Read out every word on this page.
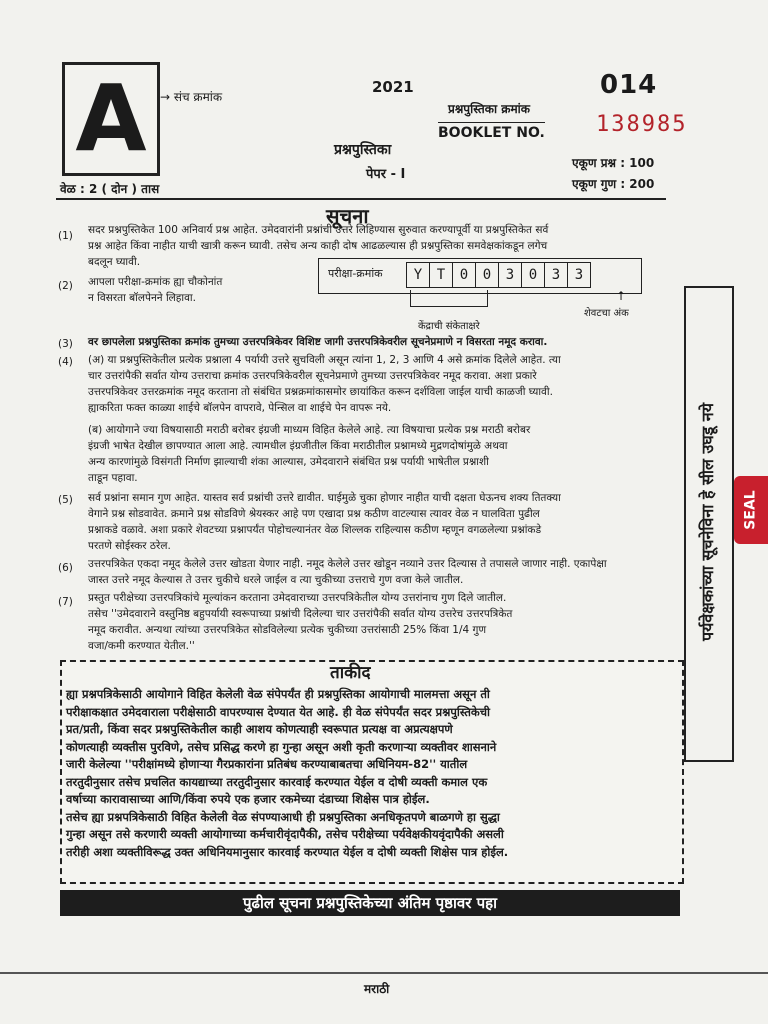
A → संच क्रमांक
2021
प्रश्नपुस्तिका
पेपर - I
वेळ : 2 ( दोन ) तास
014
प्रश्नपुस्तिका क्रमांक
BOOKLET NO. 138985
एकूण प्रश्न : 100
एकूण गुण : 200
सूचना
(1) सदर प्रश्नपुस्तिकेत 100 अनिवार्य प्रश्न आहेत. उमेदवारांनी प्रश्नांची उत्तरे लिहिण्यास सुरुवात करण्यापूर्वी या प्रश्नपुस्तिकेत सर्व
प्रश्न आहेत किंवा नाहीत याची खात्री करून घ्यावी. तसेच अन्य काही दोष आढळल्यास ही प्रश्नपुस्तिका समवेक्षकांकडून लगेच
बदलून घ्यावी.
(2) आपला परीक्षा-क्रमांक ह्या चौकोनांत
न विसरता बॉलपेनने लिहावा.
परीक्षा-क्रमांक	Y	T	0	0	3	0	3	3
केंद्राची संकेताक्षरे
↑
शेवटचा अंक
(3) वर छापलेला प्रश्नपुस्तिका क्रमांक तुमच्या उत्तरपत्रिकेवर विशिष्ट जागी उत्तरपत्रिकेवरील सूचनेप्रमाणे न विसरता नमूद करावा.
(4) (अ) या प्रश्नपुस्तिकेतील प्रत्येक प्रश्नाला 4 पर्यायी उत्तरे सुचविली असून त्यांना 1, 2, 3 आणि 4 असे क्रमांक दिलेले आहेत. त्या
चार उत्तरांपैकी सर्वात योग्य उत्तराचा क्रमांक उत्तरपत्रिकेवरील सूचनेप्रमाणे तुमच्या उत्तरपत्रिकेवर नमूद करावा. अशा प्रकारे
उत्तरपत्रिकेवर उत्तरक्रमांक नमूद करताना तो संबंधित प्रश्नक्रमांकासमोर छायांकित करून दर्शविला जाईल याची काळजी घ्यावी.
ह्याकरिता फक्त काळ्या शाईचे बॉलपेन वापरावे, पेन्सिल वा शाईचे पेन वापरू नये.
(ब) आयोगाने ज्या विषयासाठी मराठी बरोबर इंग्रजी माध्यम विहित केलेले आहे. त्या विषयाचा प्रत्येक प्रश्न मराठी बरोबर
इंग्रजी भाषेत देखील छापण्यात आला आहे. त्यामधील इंग्रजीतील किंवा मराठीतील प्रश्नामध्ये मुद्रणदोषांमुळे अथवा
अन्य कारणांमुळे विसंगती निर्माण झाल्याची शंका आल्यास, उमेदवाराने संबंधित प्रश्न पर्यायी भाषेतील प्रश्नाशी
ताडून पहावा.
(5) सर्व प्रश्नांना समान गुण आहेत. यास्तव सर्व प्रश्नांची उत्तरे द्यावीत. घाईमुळे चुका होणार नाहीत याची दक्षता घेऊनच शक्य तितक्या
वेगाने प्रश्न सोडवावेत. क्रमाने प्रश्न सोडविणे श्रेयस्कर आहे पण एखादा प्रश्न कठीण वाटल्यास त्यावर वेळ न घालविता पुढील
प्रश्नाकडे वळावे. अशा प्रकारे शेवटच्या प्रश्नापर्यंत पोहोचल्यानंतर वेळ शिल्लक राहिल्यास कठीण म्हणून वगळलेल्या प्रश्नांकडे
परतणे सोईस्कर ठरेल.
(6) उत्तरपत्रिकेत एकदा नमूद केलेले उत्तर खोडता येणार नाही. नमूद केलेले उत्तर खोडून नव्याने उत्तर दिल्यास ते तपासले जाणार नाही. एकापेक्षा
जास्त उत्तरे नमूद केल्यास ते उत्तर चुकीचे धरले जाईल व त्या चुकीच्या उत्तराचे गुण वजा केले जातील.
(7) प्रस्तुत परीक्षेच्या उत्तरपत्रिकांचे मूल्यांकन करताना उमेदवाराच्या उत्तरपत्रिकेतील योग्य उत्तरांनाच गुण दिले जातील.
तसेच ''उमेदवाराने वस्तुनिष्ठ बहुपर्यायी स्वरूपाच्या प्रश्नांची दिलेल्या चार उत्तरांपैकी सर्वात योग्य उत्तरेच उत्तरपत्रिकेत
नमूद करावीत. अन्यथा त्यांच्या उत्तरपत्रिकेत सोडविलेल्या प्रत्येक चुकीच्या उत्तरांसाठी 25% किंवा 1/4 गुण
वजा/कमी करण्यात येतील.''
पर्यवेक्षकांच्या सूचनेविना हे सील उघडू नये SEAL
ताकीद
ह्या प्रश्नपत्रिकेसाठी आयोगाने विहित केलेली वेळ संपेपर्यंत ही प्रश्नपुस्तिका आयोगाची मालमत्ता असून ती
परीक्षाकक्षात उमेदवाराला परीक्षेसाठी वापरण्यास देण्यात येत आहे. ही वेळ संपेपर्यंत सदर प्रश्नपुस्तिकेची
प्रत/प्रती, किंवा सदर प्रश्नपुस्तिकेतील काही आशय कोणत्याही स्वरूपात प्रत्यक्ष वा अप्रत्यक्षपणे
कोणत्याही व्यक्तीस पुरविणे, तसेच प्रसिद्ध करणे हा गुन्हा असून अशी कृती करणाऱ्या व्यक्तीवर शासनाने
जारी केलेल्या ''परीक्षांमध्ये होणाऱ्या गैरप्रकारांना प्रतिबंध करण्याबाबतचा अधिनियम-82'' यातील
तरतुदीनुसार तसेच प्रचलित कायद्याच्या तरतुदीनुसार कारवाई करण्यात येईल व दोषी व्यक्ती कमाल एक
वर्षाच्या कारावासाच्या आणि/किंवा रुपये एक हजार रकमेच्या दंडाच्या शिक्षेस पात्र होईल.
तसेच ह्या प्रश्नपत्रिकेसाठी विहित केलेली वेळ संपण्याआधी ही प्रश्नपुस्तिका अनधिकृतपणे बाळगणे हा सुद्धा
गुन्हा असून तसे करणारी व्यक्ती आयोगाच्या कर्मचारीवृंदापैकी, तसेच परीक्षेच्या पर्यवेक्षकीयवृंदापैकी असली
तरीही अशा व्यक्तीविरूद्ध उक्त अधिनियमानुसार कारवाई करण्यात येईल व दोषी व्यक्ती शिक्षेस पात्र होईल.
पुढील सूचना प्रश्नपुस्तिकेच्या अंतिम पृष्ठावर पहा
मराठी
